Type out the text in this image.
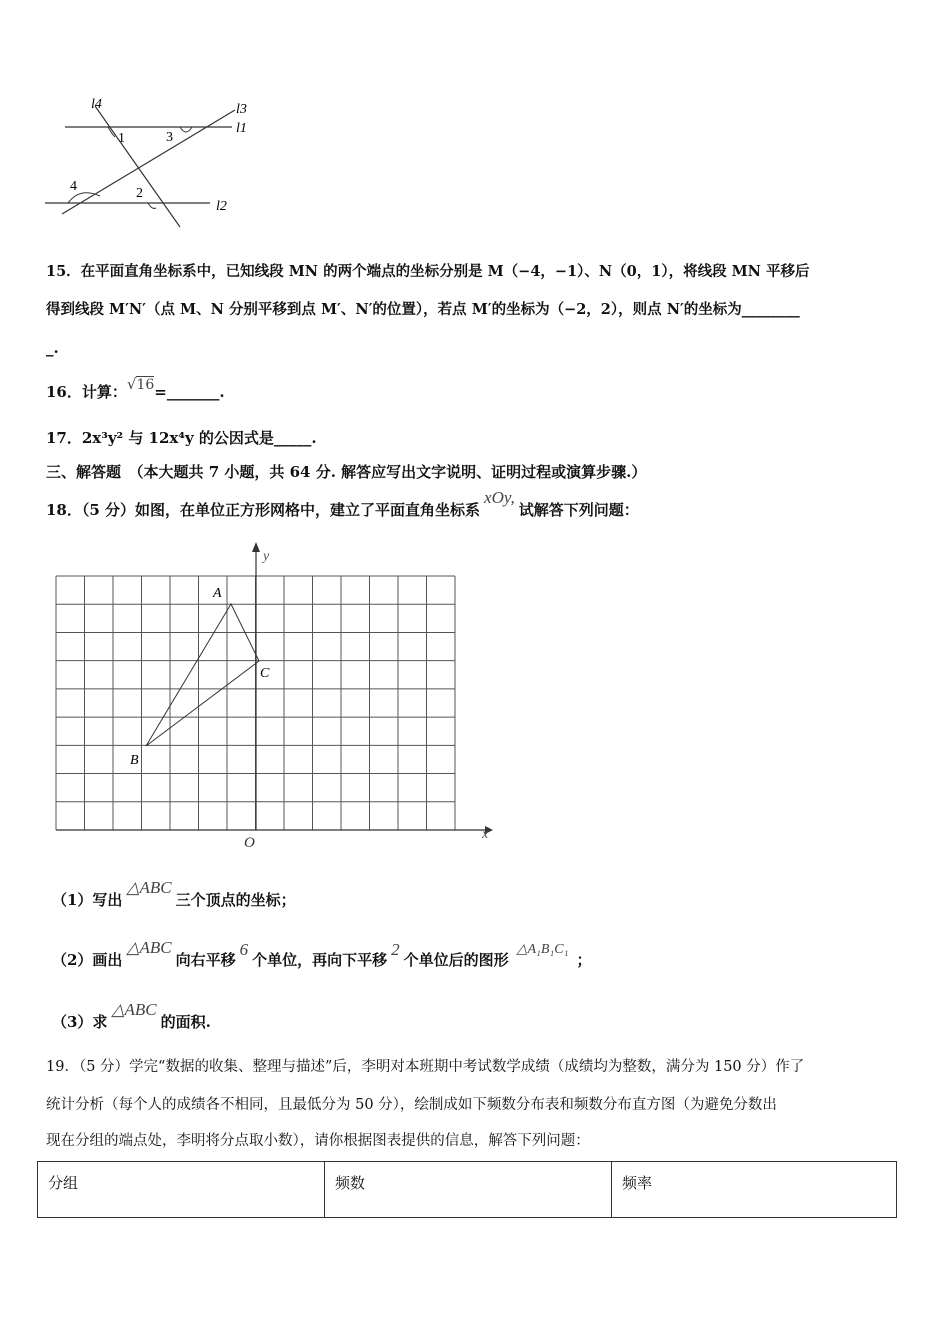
l4	l3
l1
l2
1	3
4	2
15．在平面直角坐标系中，已知线段 MN 的两个端点的坐标分别是 M（−4，−1）、N（0，1），将线段 MN 平移后
得到线段 M′N′（点 M、N 分别平移到点 M′、N′的位置），若点 M′的坐标为（−2，2），则点 N′的坐标为________
_.
16．计算：√16=_______.
17．2x³y² 与 12x⁴y 的公因式是_____.
三、解答题　（本大题共 7 小题，共 64 分. 解答应写出文字说明、证明过程或演算步骤.）
18．（5 分）如图，在单位正方形网格中，建立了平面直角坐标系xOy,试解答下列问题：
x
y
O
A
B
C
（1）写出△ABC三个顶点的坐标；
（2）画出△ABC向右平移6个单位，再向下平移2个单位后的图形△A₁B₁C₁；
（3）求△ABC的面积.
19．（5 分）学完“数据的收集、整理与描述”后，李明对本班期中考试数学成绩（成绩均为整数，满分为 150 分）作了
统计分析（每个人的成绩各不相同，且最低分为 50 分），绘制成如下频数分布表和频数分布直方图（为避免分数出
现在分组的端点处，李明将分点取小数），请你根据图表提供的信息，解答下列问题：
分组	频数	频率
